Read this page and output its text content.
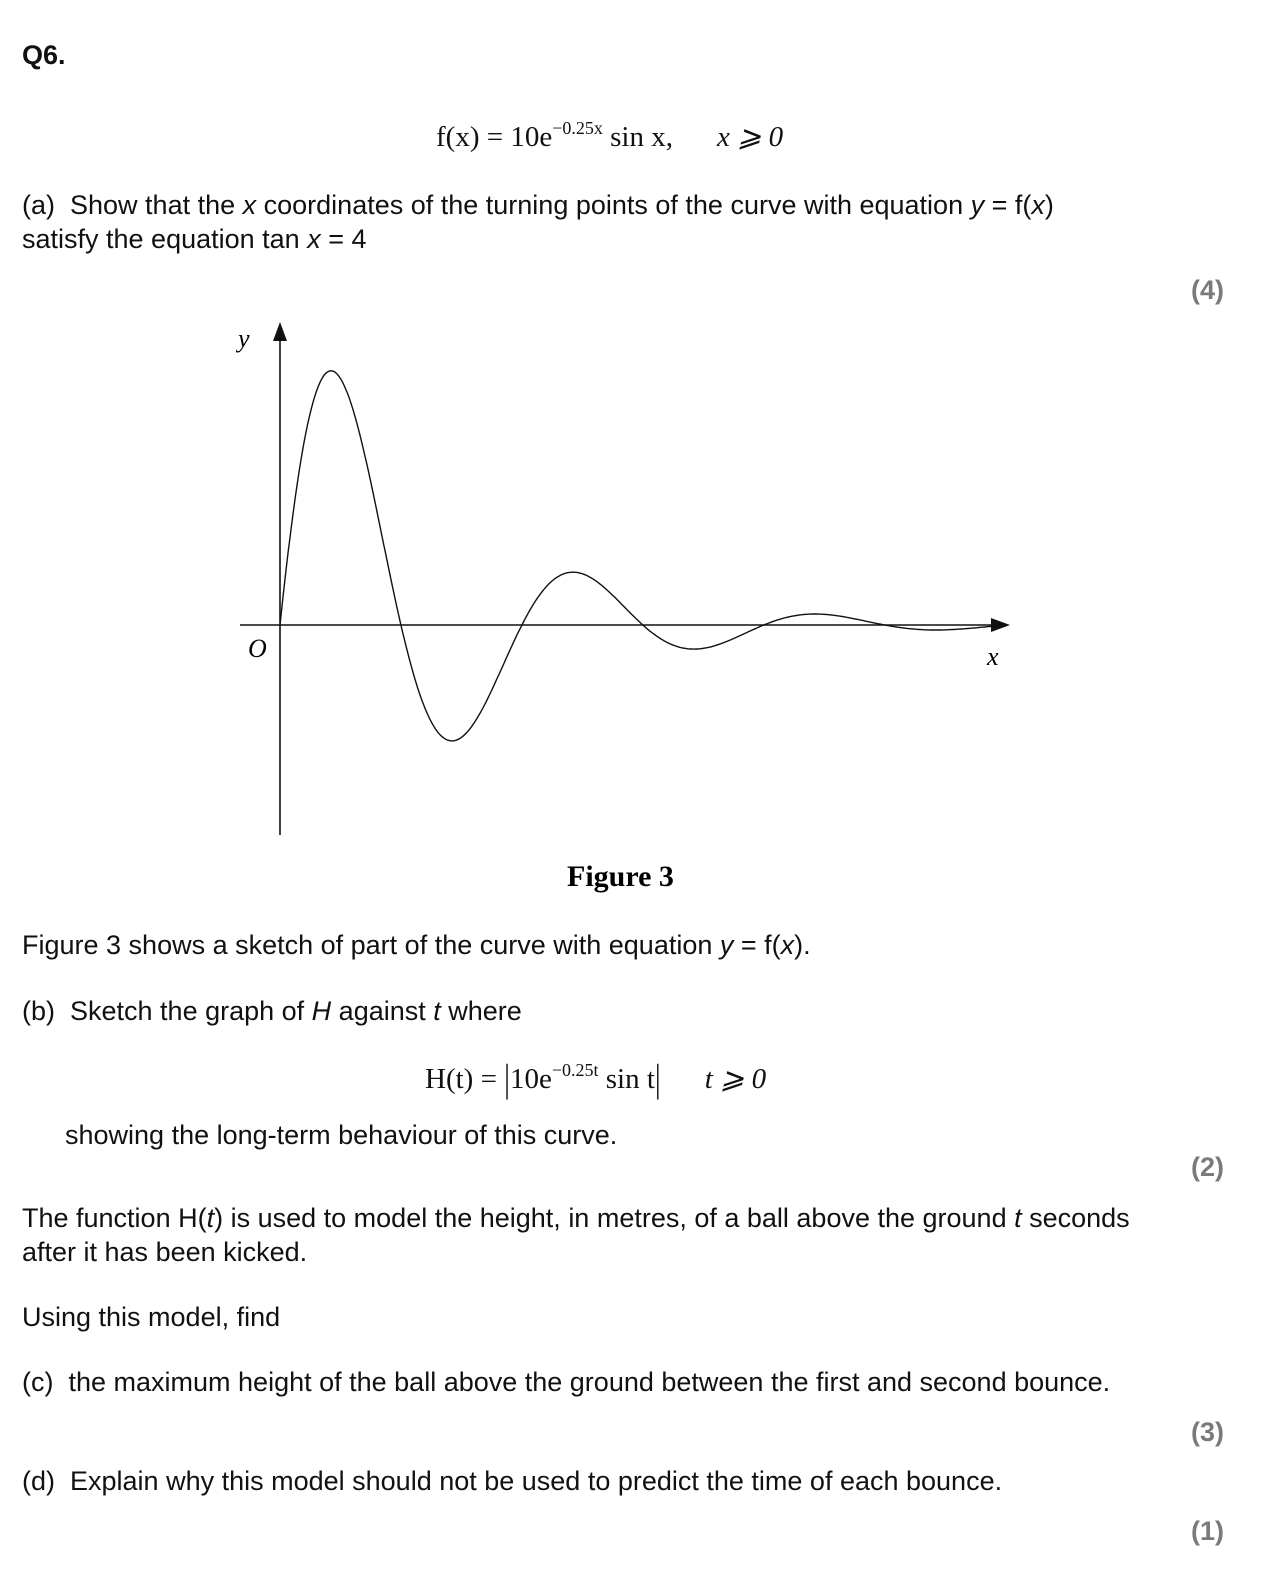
Q6.
$f(x) = 10e^{-0.25x}$ sin x, x ⩾ 0
(a) Show that the x coordinates of the turning points of the curve with equation y = f(x)
satisfy the equation tan x = 4
(4)
y
x
O
Figure 3
Figure 3 shows a sketch of part of the curve with equation y = f(x).
(b) Sketch the graph of H against t where
$H(t) = |10e^{-0.25t}$ sin t| t ⩾ 0
showing the long-term behaviour of this curve.
(2)
The function H(t) is used to model the height, in metres, of a ball above the ground t seconds
after it has been kicked.
Using this model, find
(c) the maximum height of the ball above the ground between the first and second bounce.
(3)
(d) Explain why this model should not be used to predict the time of each bounce.
(1)
